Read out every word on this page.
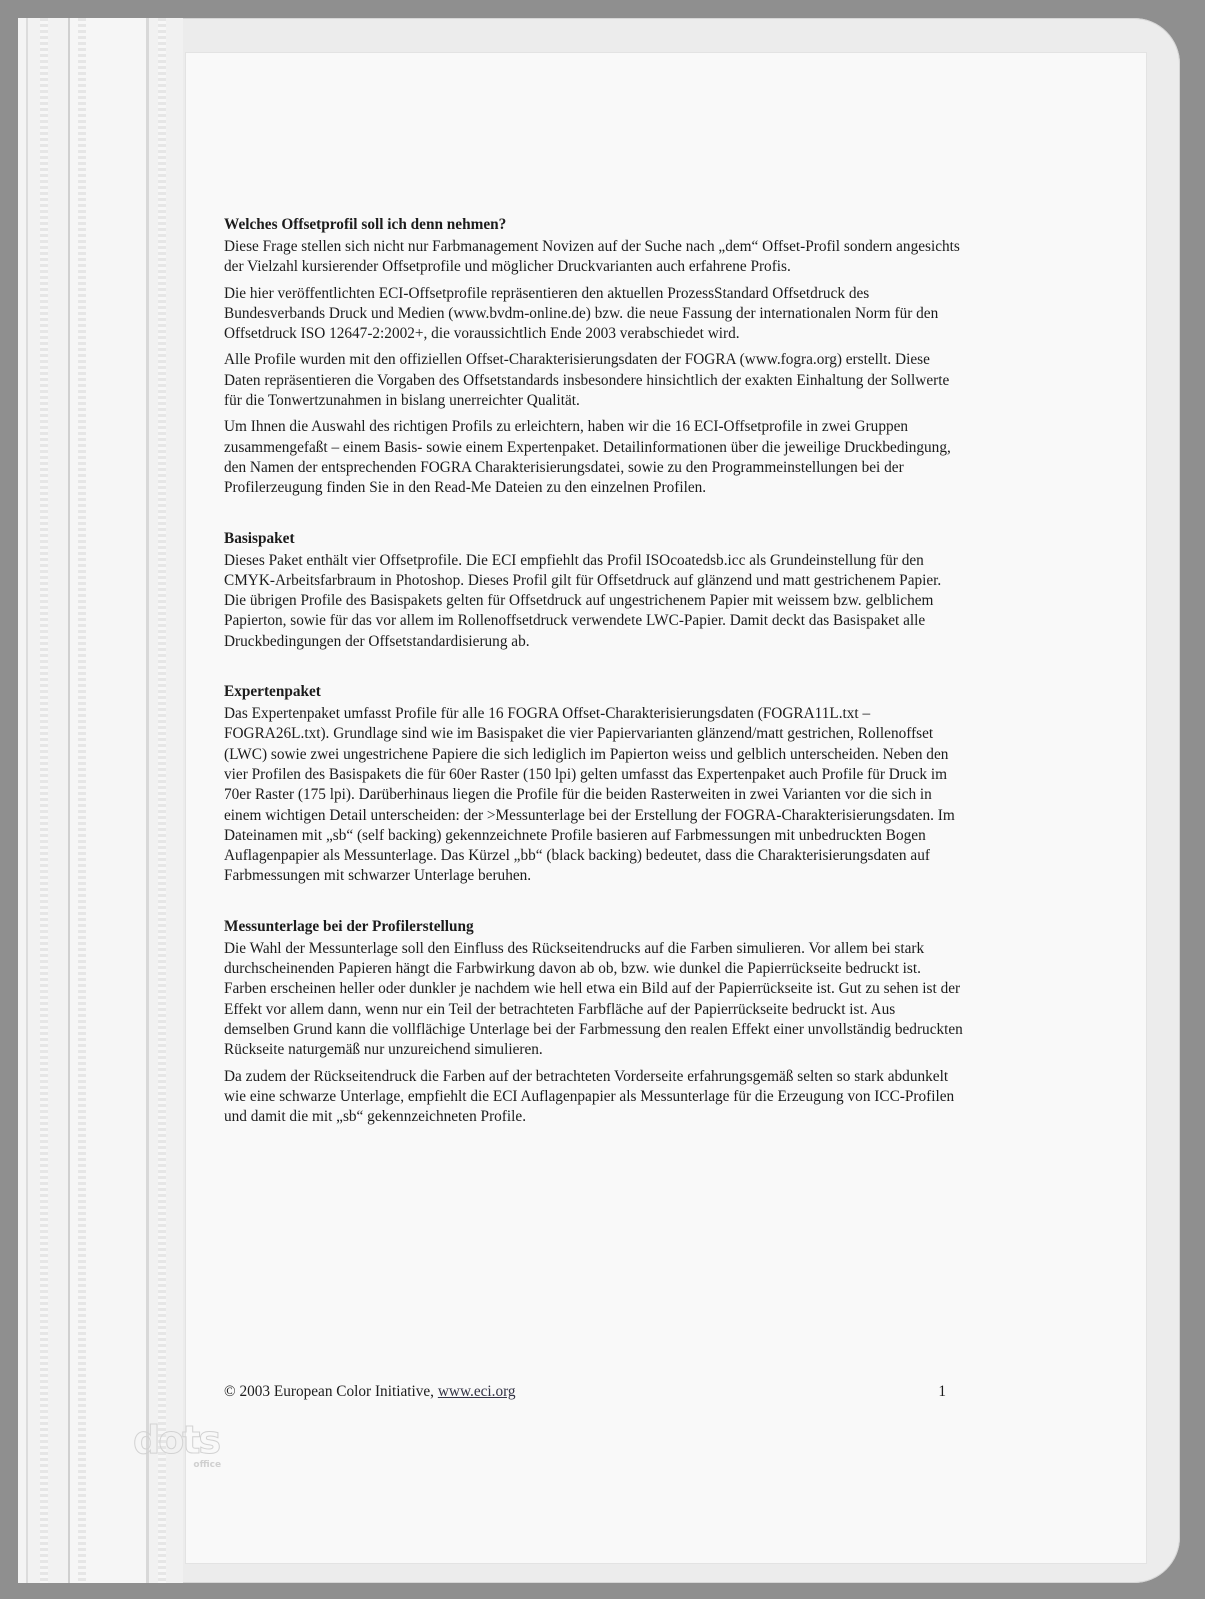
Welches Offsetprofil soll ich denn nehmen?

Diese Frage stellen sich nicht nur Farbmanagement Novizen auf der Suche nach „dem“ Offset-Profil sondern angesichts der Vielzahl kursierender Offsetprofile und möglicher Druckvarianten auch erfahrene Profis.

Die hier veröffentlichten ECI-Offsetprofile repräsentieren den aktuellen ProzessStandard Offsetdruck des Bundesverbands Druck und Medien (www.bvdm-online.de) bzw. die neue Fassung der internationalen Norm für den Offsetdruck ISO 12647-2:2002+, die voraussichtlich Ende 2003 verabschiedet wird.

Alle Profile wurden mit den offiziellen Offset-Charakterisierungsdaten der FOGRA (www.fogra.org) erstellt. Diese Daten repräsentieren die Vorgaben des Offsetstandards insbesondere hinsichtlich der exakten Einhaltung der Sollwerte für die Tonwertzunahmen in bislang unerreichter Qualität.

Um Ihnen die Auswahl des richtigen Profils zu erleichtern, haben wir die 16 ECI-Offsetprofile in zwei Gruppen zusammengefaßt – einem Basis- sowie einem Expertenpaket. Detailinformationen über die jeweilige Druckbedingung, den Namen der entsprechenden FOGRA Charakterisierungsdatei, sowie zu den Programmeinstellungen bei der Profilerzeugung finden Sie in den Read-Me Dateien zu den einzelnen Profilen.

Basispaket

Dieses Paket enthält vier Offsetprofile. Die ECI empfiehlt das Profil ISOcoatedsb.icc als Grundeinstellung für den CMYK-Arbeitsfarbraum in Photoshop. Dieses Profil gilt für Offsetdruck auf glänzend und matt gestrichenem Papier. Die übrigen Profile des Basispakets gelten für Offsetdruck auf ungestrichenem Papier mit weissem bzw. gelblichem Papierton, sowie für das vor allem im Rollenoffsetdruck verwendete LWC-Papier. Damit deckt das Basispaket alle Druckbedingungen der Offsetstandardisierung ab.

Expertenpaket

Das Expertenpaket umfasst Profile für alle 16 FOGRA Offset-Charakterisierungsdaten (FOGRA11L.txt – FOGRA26L.txt). Grundlage sind wie im Basispaket die vier Papiervarianten glänzend/matt gestrichen, Rollenoffset (LWC) sowie zwei ungestrichene Papiere die sich lediglich im Papierton weiss und gelblich unterscheiden. Neben den vier Profilen des Basispakets die für 60er Raster (150 lpi) gelten umfasst das Expertenpaket auch Profile für Druck im 70er Raster (175 lpi). Darüberhinaus liegen die Profile für die beiden Rasterweiten in zwei Varianten vor die sich in einem wichtigen Detail unterscheiden: der >Messunterlage bei der Erstellung der FOGRA-Charakterisierungsdaten. Im Dateinamen mit „sb“ (self backing) gekennzeichnete Profile basieren auf Farbmessungen mit unbedruckten Bogen Auflagenpapier als Messunterlage. Das Kürzel „bb“ (black backing) bedeutet, dass die Charakterisierungsdaten auf Farbmessungen mit schwarzer Unterlage beruhen.

Messunterlage bei der Profilerstellung

Die Wahl der Messunterlage soll den Einfluss des Rückseitendrucks auf die Farben simulieren. Vor allem bei stark durchscheinenden Papieren hängt die Farbwirkung davon ab ob, bzw. wie dunkel die Papierrückseite bedruckt ist. Farben erscheinen heller oder dunkler je nachdem wie hell etwa ein Bild auf der Papierrückseite ist. Gut zu sehen ist der Effekt vor allem dann, wenn nur ein Teil der betrachteten Farbfläche auf der Papierrückseite bedruckt ist. Aus demselben Grund kann die vollflächige Unterlage bei der Farbmessung den realen Effekt einer unvollständig bedruckten Rückseite naturgemäß nur unzureichend simulieren.

Da zudem der Rückseitendruck die Farben auf der betrachteten Vorderseite erfahrungsgemäß selten so stark abdunkelt wie eine schwarze Unterlage, empfiehlt die ECI Auflagenpapier als Messunterlage für die Erzeugung von ICC-Profilen und damit die mit „sb“ gekennzeichneten Profile.

© 2003 European Color Initiative, www.eci.org	1
dots
office
